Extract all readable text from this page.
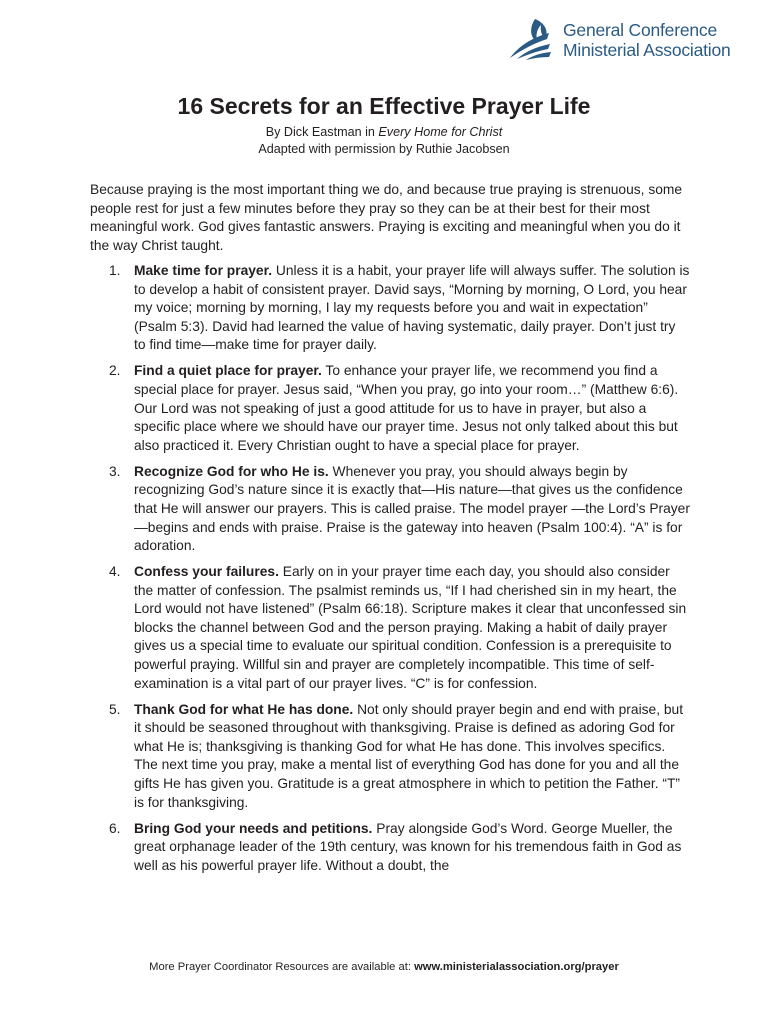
General Conference
Ministerial Association
16 Secrets for an Effective Prayer Life
By Dick Eastman in Every Home for Christ
Adapted with permission by Ruthie Jacobsen

Because praying is the most important thing we do, and because true praying is strenuous, some people rest for just a few minutes before they pray so they can be at their best for their most meaningful work. God gives fantastic answers. Praying is exciting and meaningful when you do it the way Christ taught.

1. Make time for prayer. Unless it is a habit, your prayer life will always suffer. The solution is to develop a habit of consistent prayer. David says, “Morning by morning, O Lord, you hear my voice; morning by morning, I lay my requests before you and wait in expectation” (Psalm 5:3). David had learned the value of having systematic, daily prayer. Don’t just try to find time—make time for prayer daily.
2. Find a quiet place for prayer. To enhance your prayer life, we recommend you find a special place for prayer. Jesus said, “When you pray, go into your room…” (Matthew 6:6). Our Lord was not speaking of just a good attitude for us to have in prayer, but also a specific place where we should have our prayer time. Jesus not only talked about this but also practiced it. Every Christian ought to have a special place for prayer.
3. Recognize God for who He is. Whenever you pray, you should always begin by recognizing God’s nature since it is exactly that—His nature—that gives us the confidence that He will answer our prayers. This is called praise. The model prayer —the Lord’s Prayer—begins and ends with praise. Praise is the gateway into heaven (Psalm 100:4). “A” is for adoration.
4. Confess your failures. Early on in your prayer time each day, you should also consider the matter of confession. The psalmist reminds us, “If I had cherished sin in my heart, the Lord would not have listened” (Psalm 66:18). Scripture makes it clear that unconfessed sin blocks the channel between God and the person praying. Making a habit of daily prayer gives us a special time to evaluate our spiritual condition. Confession is a prerequisite to powerful praying. Willful sin and prayer are completely incompatible. This time of self-examination is a vital part of our prayer lives. “C” is for confession.
5. Thank God for what He has done. Not only should prayer begin and end with praise, but it should be seasoned throughout with thanksgiving. Praise is defined as adoring God for what He is; thanksgiving is thanking God for what He has done. This involves specifics. The next time you pray, make a mental list of everything God has done for you and all the gifts He has given you. Gratitude is a great atmosphere in which to petition the Father. “T” is for thanksgiving.
6. Bring God your needs and petitions. Pray alongside God’s Word. George Mueller, the great orphanage leader of the 19th century, was known for his tremendous faith in God as well as his powerful prayer life. Without a doubt, the
More Prayer Coordinator Resources are available at: www.ministerialassociation.org/prayer
